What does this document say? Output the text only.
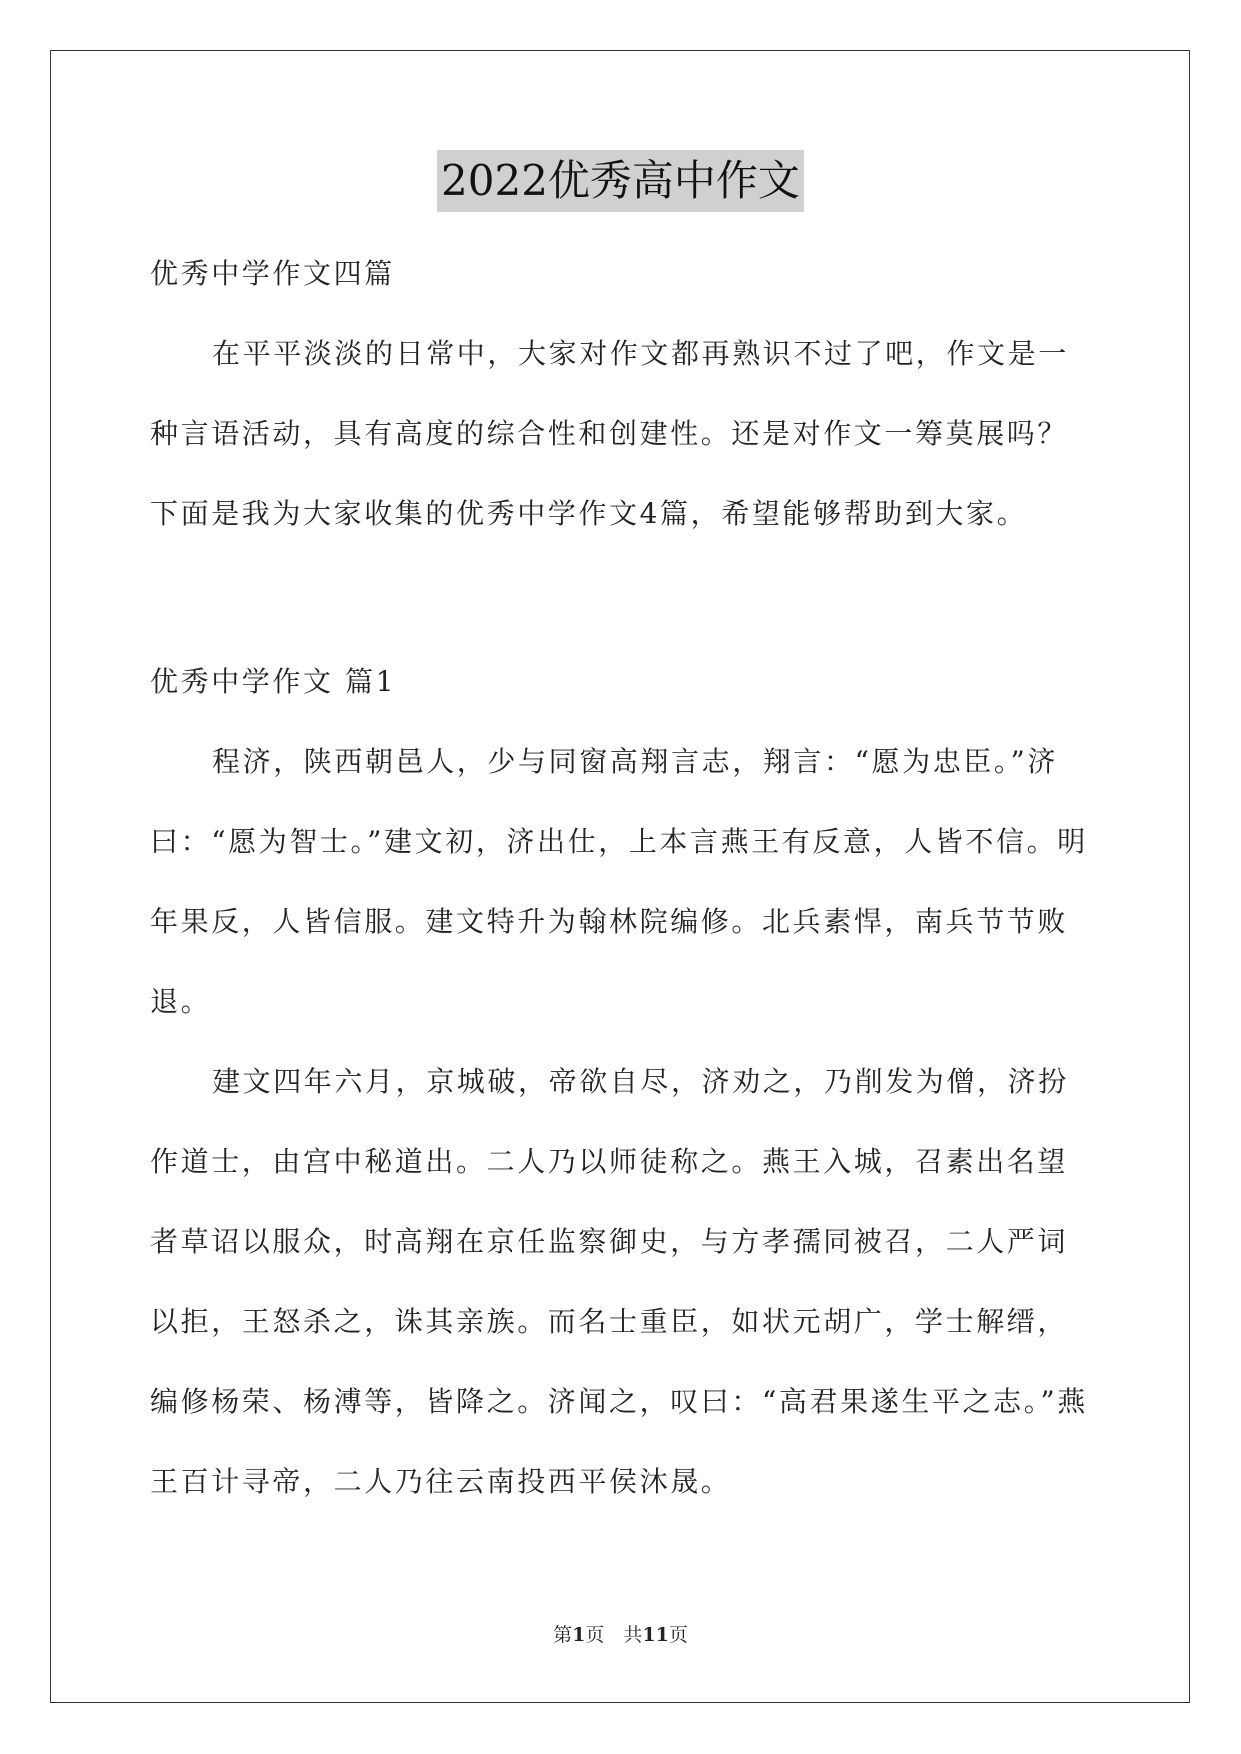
2022优秀高中作文

优秀中学作文四篇

在平平淡淡的日常中，大家对作文都再熟识不过了吧，作文是一种言语活动，具有高度的综合性和创建性。还是对作文一筹莫展吗？下面是我为大家收集的优秀中学作文4篇，希望能够帮助到大家。

优秀中学作文 篇1

程济，陕西朝邑人，少与同窗高翔言志，翔言：“愿为忠臣。”济曰：“愿为智士。”建文初，济出仕，上本言燕王有反意，人皆不信。明年果反，人皆信服。建文特升为翰林院编修。北兵素悍，南兵节节败退。

建文四年六月，京城破，帝欲自尽，济劝之，乃削发为僧，济扮作道士，由宫中秘道出。二人乃以师徒称之。燕王入城，召素出名望者草诏以服众，时高翔在京任监察御史，与方孝孺同被召，二人严词以拒，王怒杀之，诛其亲族。而名士重臣，如状元胡广，学士解缙，编修杨荣、杨溥等，皆降之。济闻之，叹曰：“高君果遂生平之志。”燕王百计寻帝，二人乃往云南投西平侯沐晟。

第1页　共11页
